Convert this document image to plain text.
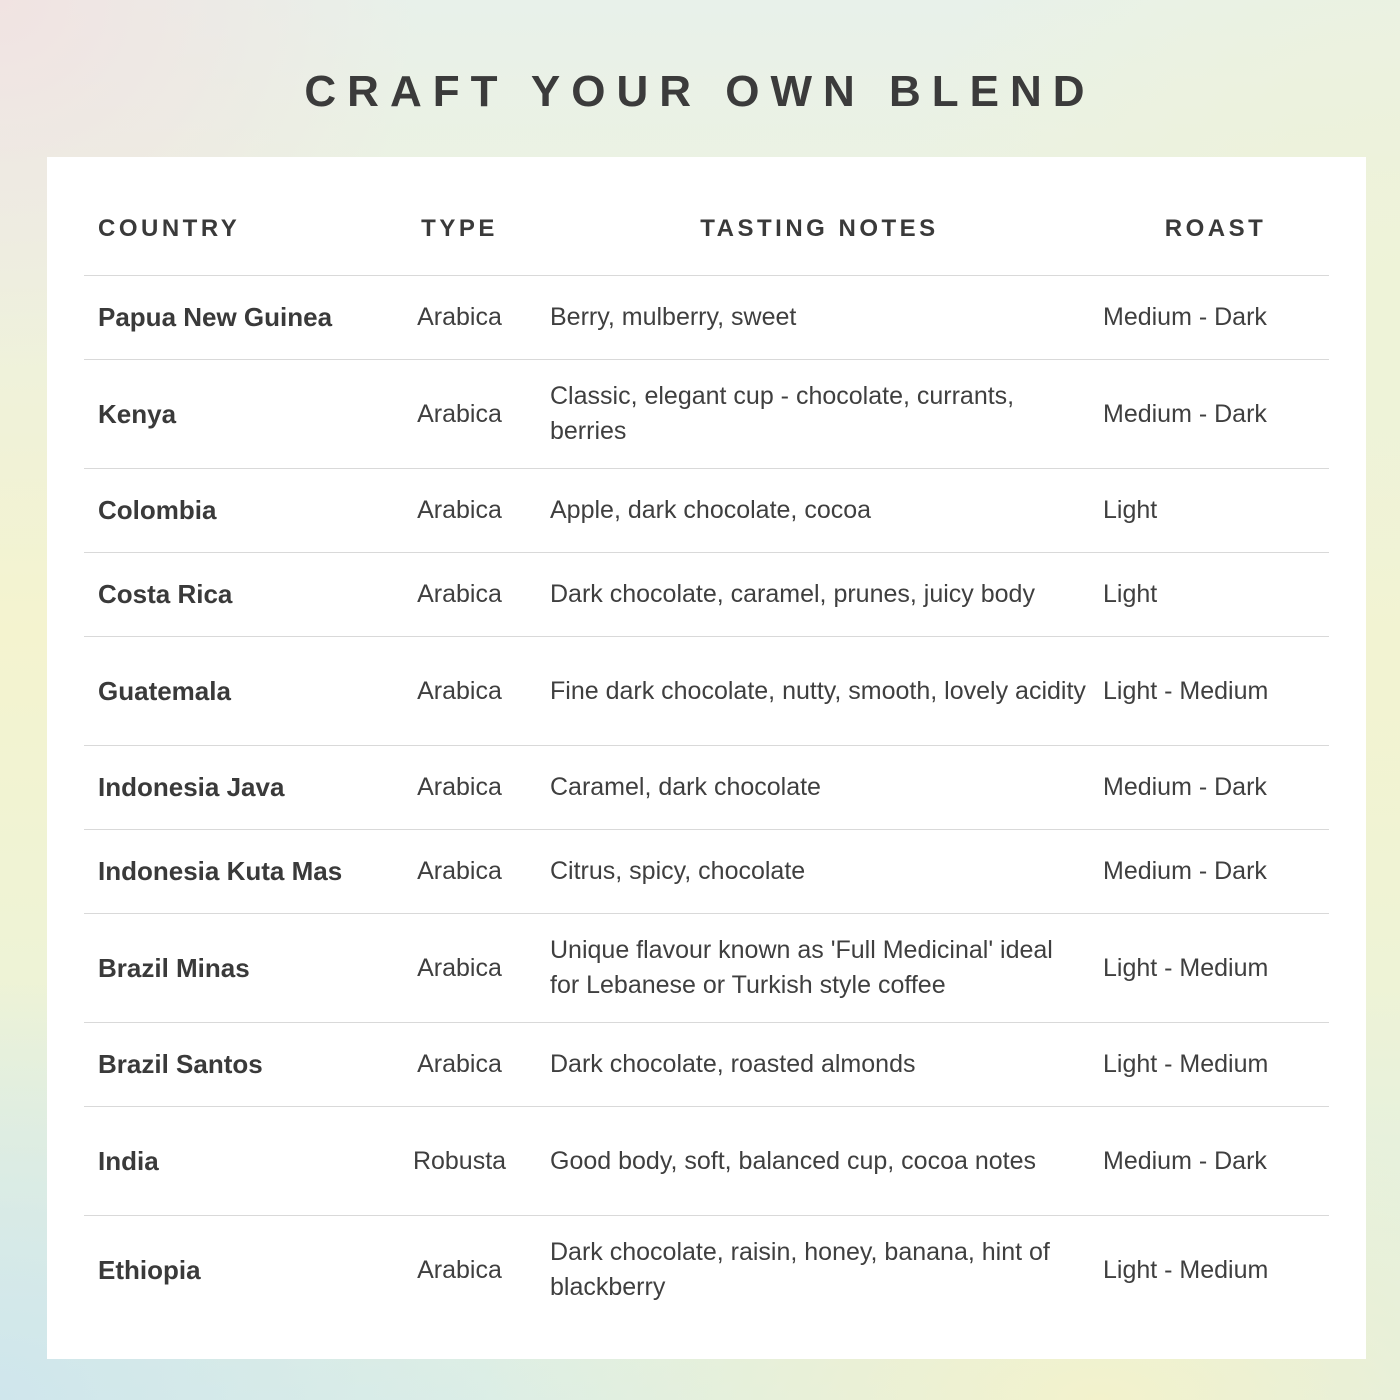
CRAFT YOUR OWN BLEND
COUNTRY	TYPE	TASTING NOTES	ROAST
Papua New Guinea	Arabica	Berry, mulberry, sweet	Medium - Dark
Kenya	Arabica	Classic, elegant cup - chocolate, currants, berries	Medium - Dark
Colombia	Arabica	Apple, dark chocolate, cocoa	Light
Costa Rica	Arabica	Dark chocolate, caramel, prunes, juicy body	Light
Guatemala	Arabica	Fine dark chocolate, nutty, smooth, lovely acidity	Light - Medium
Indonesia Java	Arabica	Caramel, dark chocolate	Medium - Dark
Indonesia Kuta Mas	Arabica	Citrus, spicy, chocolate	Medium - Dark
Brazil Minas	Arabica	Unique flavour known as 'Full Medicinal' ideal for Lebanese or Turkish style coffee	Light - Medium
Brazil Santos	Arabica	Dark chocolate, roasted almonds	Light - Medium
India	Robusta	Good body, soft, balanced cup, cocoa notes	Medium - Dark
Ethiopia	Arabica	Dark chocolate, raisin, honey, banana, hint of blackberry	Light - Medium
